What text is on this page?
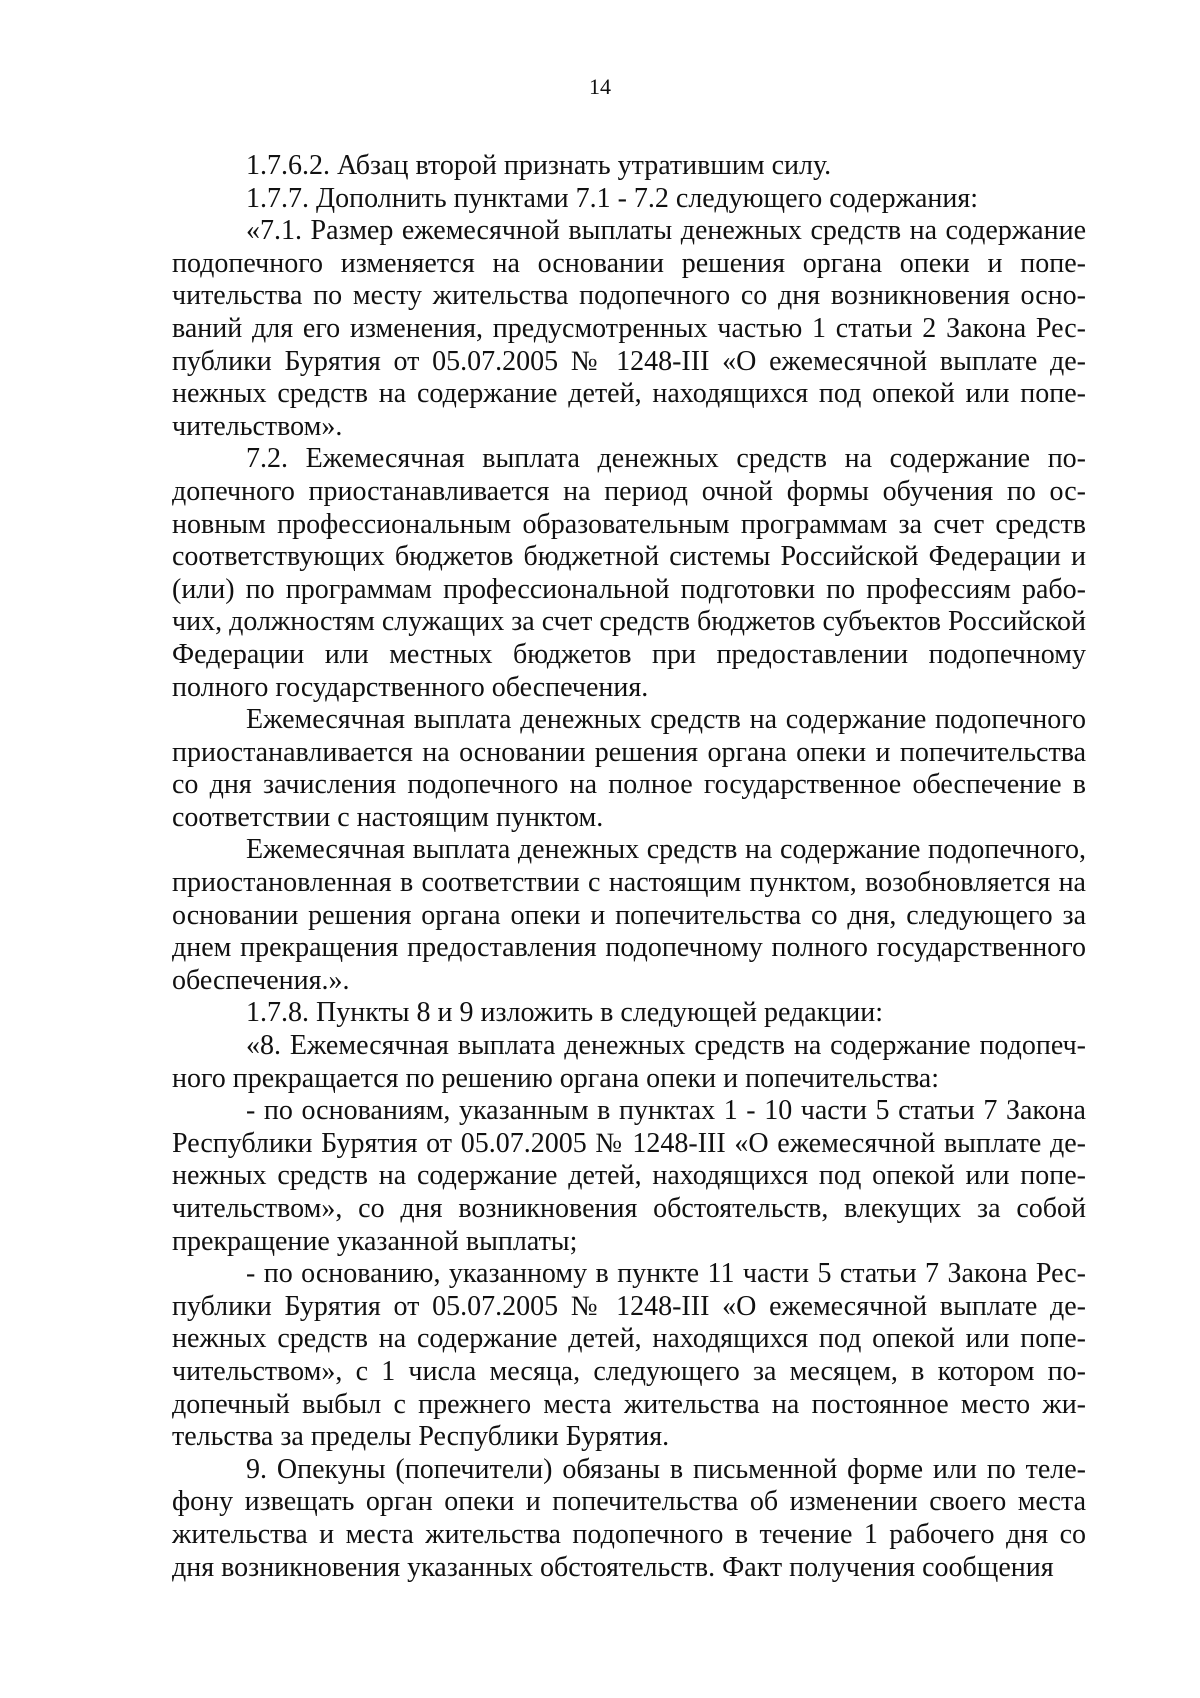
14

1.7.6.2. Абзац второй признать утратившим силу.

1.7.7. Дополнить пунктами 7.1 - 7.2 следующего содержания:

«7.1. Размер ежемесячной выплаты денежных средств на содержание подопечного изменяется на основании решения органа опеки и попечительства по месту жительства подопечного со дня возникновения оснований для его изменения, предусмотренных частью 1 статьи 2 Закона Республики Бурятия от 05.07.2005 № 1248-III «О ежемесячной выплате денежных средств на содержание детей, находящихся под опекой или попечительством».

7.2. Ежемесячная выплата денежных средств на содержание подопечного приостанавливается на период очной формы обучения по основным профессиональным образовательным программам за счет средств соответствующих бюджетов бюджетной системы Российской Федерации и (или) по программам профессиональной подготовки по профессиям рабочих, должностям служащих за счет средств бюджетов субъектов Российской Федерации или местных бюджетов при предоставлении подопечному полного государственного обеспечения.

Ежемесячная выплата денежных средств на содержание подопечного приостанавливается на основании решения органа опеки и попечительства со дня зачисления подопечного на полное государственное обеспечение в соответствии с настоящим пунктом.

Ежемесячная выплата денежных средств на содержание подопечного, приостановленная в соответствии с настоящим пунктом, возобновляется на основании решения органа опеки и попечительства со дня, следующего за днем прекращения предоставления подопечному полного государственного обеспечения.».

1.7.8. Пункты 8 и 9 изложить в следующей редакции:

«8. Ежемесячная выплата денежных средств на содержание подопечного прекращается по решению органа опеки и попечительства:

- по основаниям, указанным в пунктах 1 - 10 части 5 статьи 7 Закона Республики Бурятия от 05.07.2005 № 1248-III «О ежемесячной выплате денежных средств на содержание детей, находящихся под опекой или попечительством», со дня возникновения обстоятельств, влекущих за собой прекращение указанной выплаты;

- по основанию, указанному в пункте 11 части 5 статьи 7 Закона Республики Бурятия от 05.07.2005 № 1248-III «О ежемесячной выплате денежных средств на содержание детей, находящихся под опекой или попечительством», с 1 числа месяца, следующего за месяцем, в котором подопечный выбыл с прежнего места жительства на постоянное место жительства за пределы Республики Бурятия.

9. Опекуны (попечители) обязаны в письменной форме или по телефону извещать орган опеки и попечительства об изменении своего места жительства и места жительства подопечного в течение 1 рабочего дня со дня возникновения указанных обстоятельств. Факт получения сообщения
